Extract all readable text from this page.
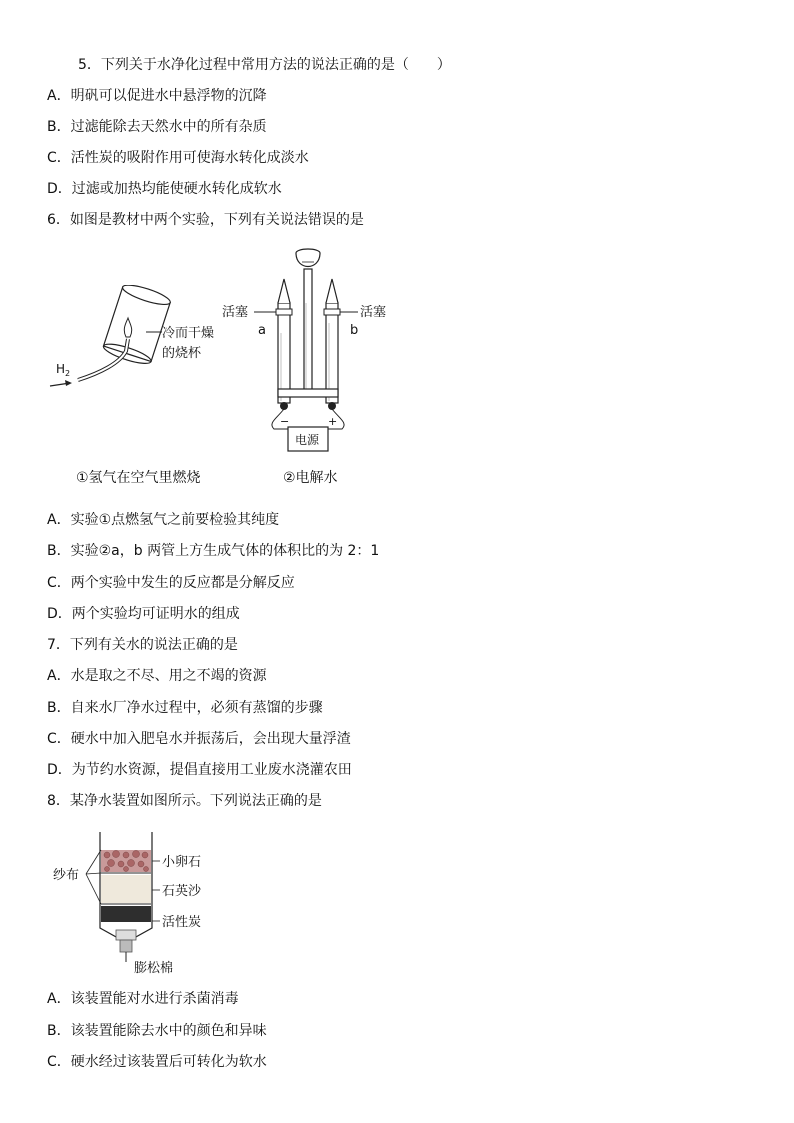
5．下列关于水净化过程中常用方法的说法正确的是（　　）
A．明矾可以促进水中悬浮物的沉降
B．过滤能除去天然水中的所有杂质
C．活性炭的吸附作用可使海水转化成淡水
D．过滤或加热均能使硬水转化成软水
6．如图是教材中两个实验，下列有关说法错误的是
H 2
冷而干燥
的烧杯
①氢气在空气里燃烧
活塞	活塞
a	b
−	+
电源
②电解水
A．实验①点燃氢气之前要检验其纯度
B．实验②a，b 两管上方生成气体的体积比的为 2：1
C．两个实验中发生的反应都是分解反应
D．两个实验均可证明水的组成
7．下列有关水的说法正确的是
A．水是取之不尽、用之不竭的资源
B．自来水厂净水过程中，必须有蒸馏的步骤
C．硬水中加入肥皂水并振荡后，会出现大量浮渣
D．为节约水资源，提倡直接用工业废水浇灌农田
8．某净水装置如图所示。下列说法正确的是
纱布
小卵石
石英沙
活性炭
膨松棉
A．该装置能对水进行杀菌消毒
B．该装置能除去水中的颜色和异味
C．硬水经过该装置后可转化为软水
